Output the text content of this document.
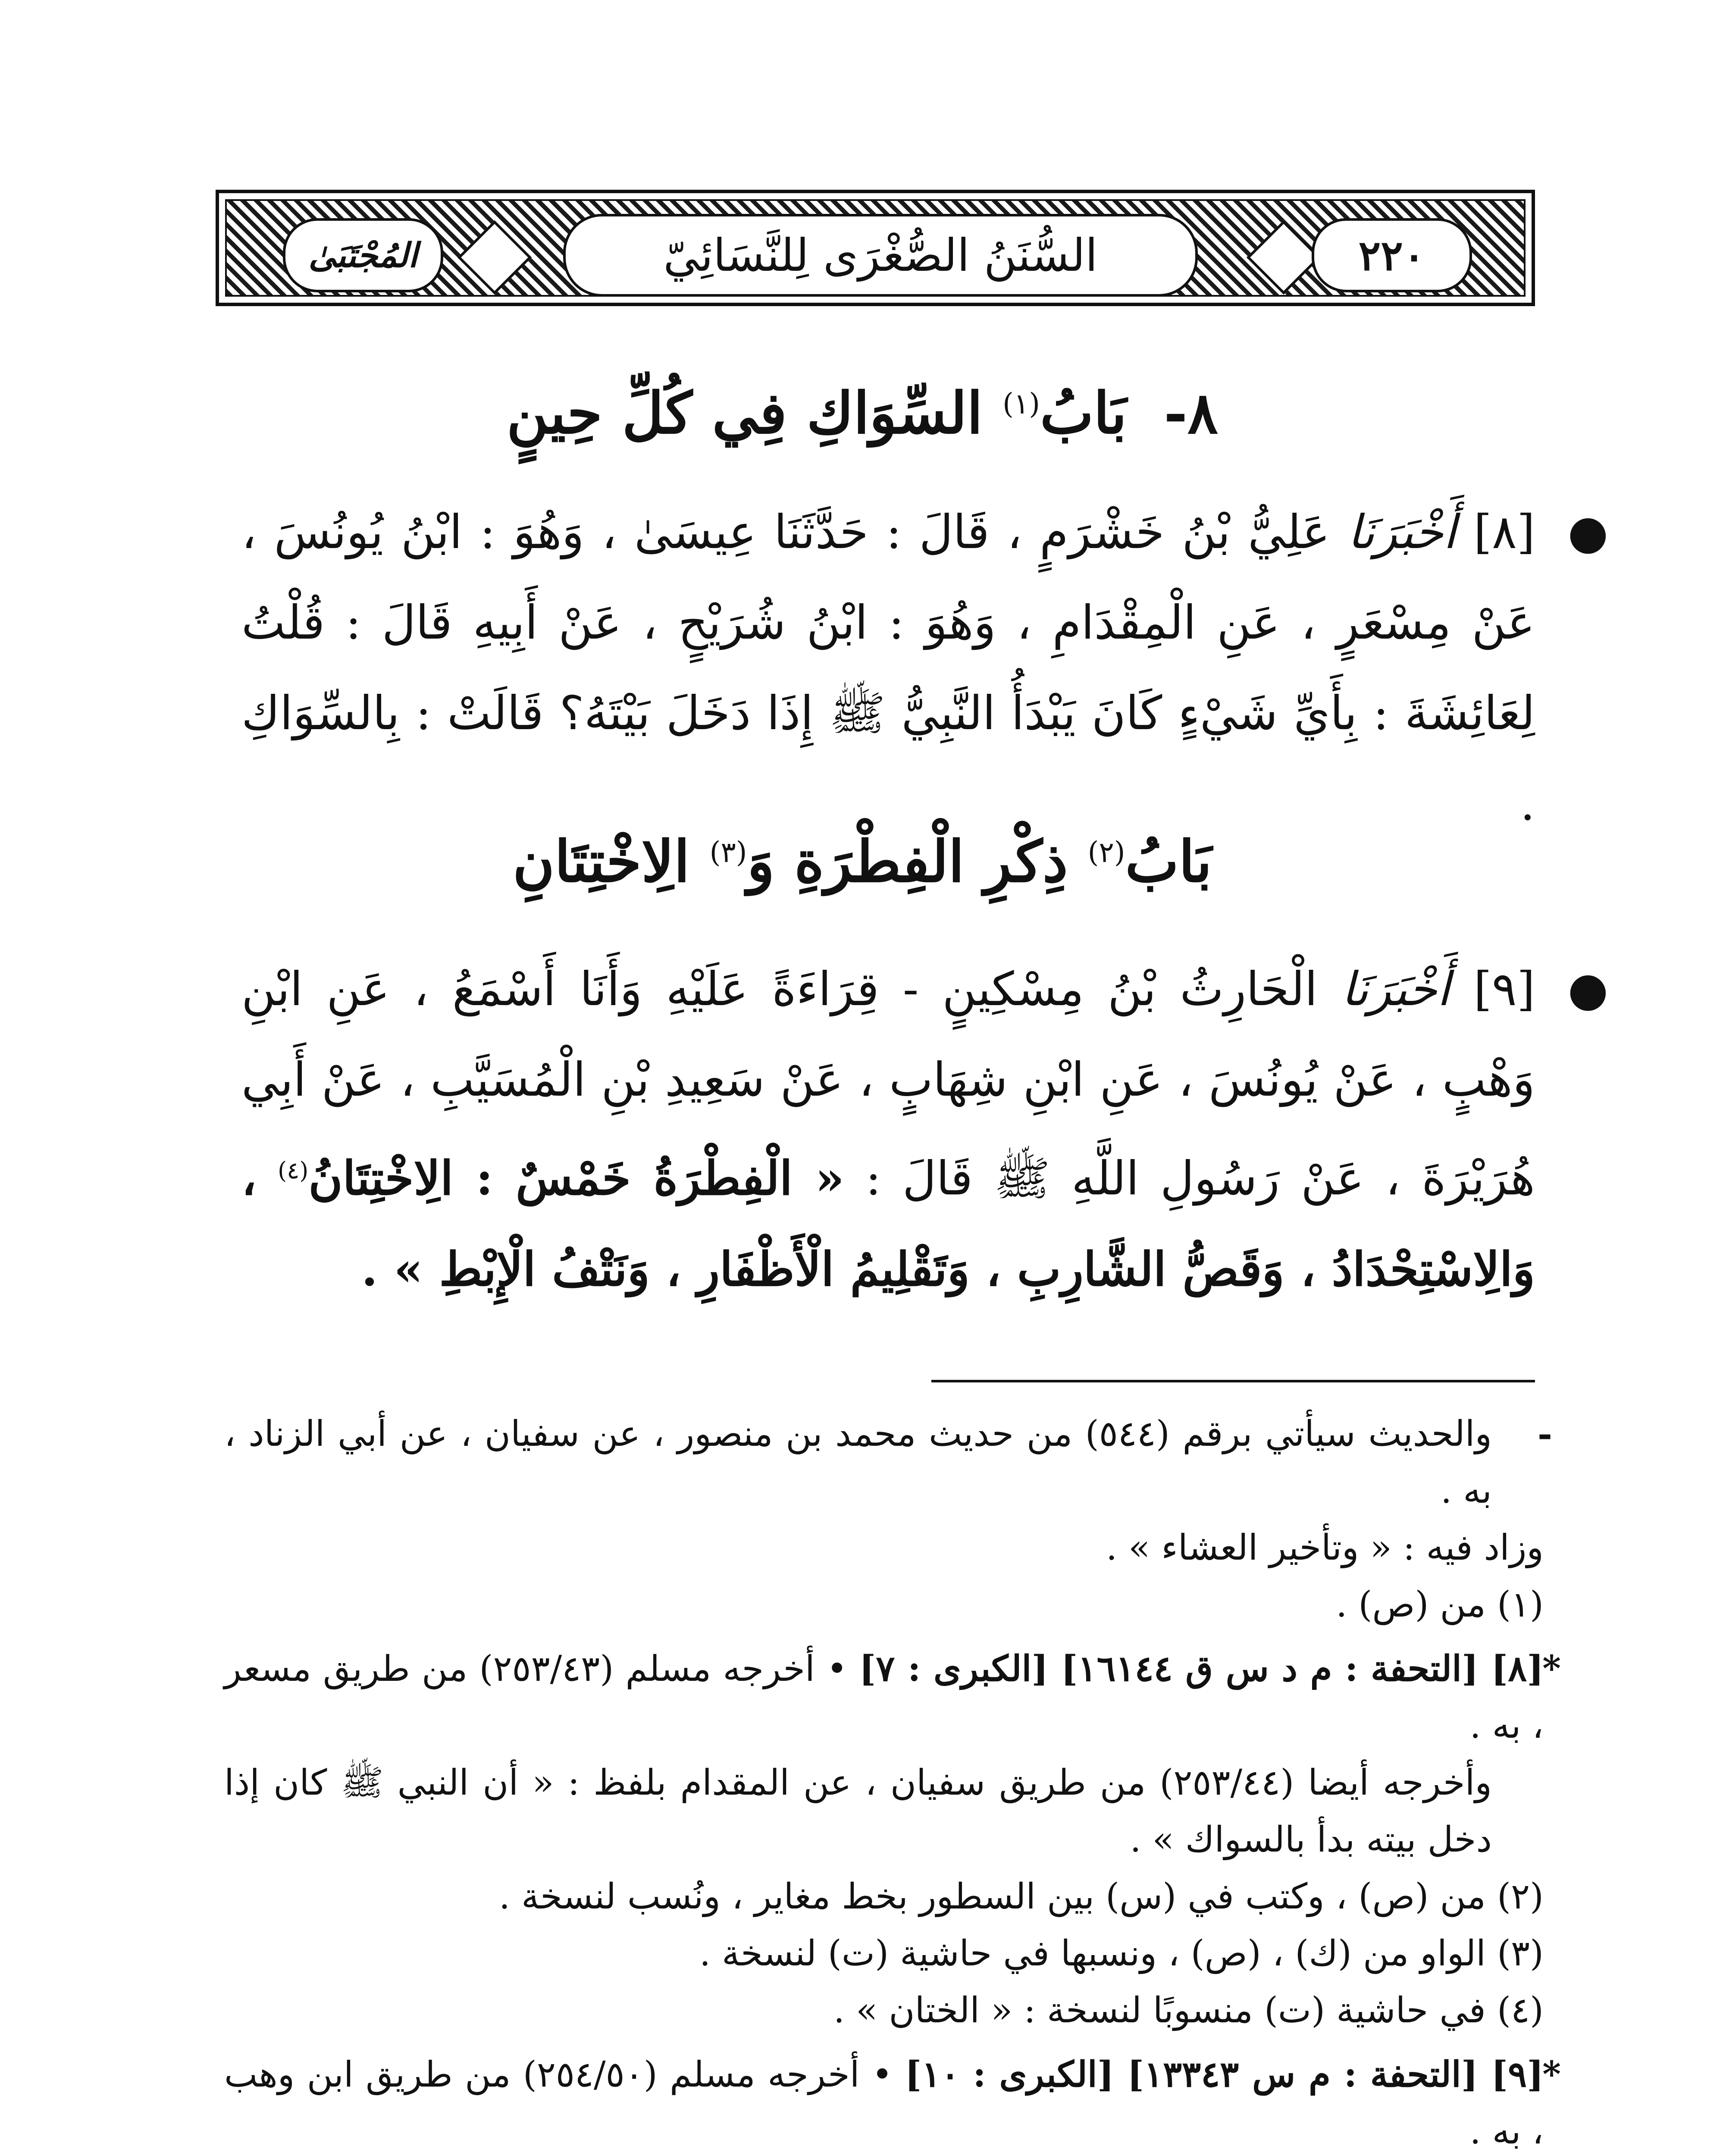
المُجْتَبَىٰ	السُّنَنُ الصُّغْرَى لِلنَّسَائِيّ	٢٢٠
٨- بَابُ$^{(١)}$ السِّوَاكِ فِي كُلِّ حِينٍ
●
[٨] أَخْبَرَنَا عَلِيُّ بْنُ خَشْرَمٍ ، قَالَ : حَدَّثَنَا عِيسَىٰ ، وَهُوَ : ابْنُ يُونُسَ ، عَنْ مِسْعَرٍ ، عَنِ الْمِقْدَامِ ، وَهُوَ : ابْنُ شُرَيْحٍ ، عَنْ أَبِيهِ قَالَ : قُلْتُ لِعَائِشَةَ : بِأَيِّ شَيْءٍ كَانَ يَبْدَأُ النَّبِيُّ ﷺ إِذَا دَخَلَ بَيْتَهُ؟ قَالَتْ : بِالسِّوَاكِ .
بَابُ$^{(٢)}$ ذِكْرِ الْفِطْرَةِ وَ$^{(٣)}$ الِاخْتِتَانِ
●
[٩] أَخْبَرَنَا الْحَارِثُ بْنُ مِسْكِينٍ - قِرَاءَةً عَلَيْهِ وَأَنَا أَسْمَعُ ، عَنِ ابْنِ وَهْبٍ ، عَنْ يُونُسَ ، عَنِ ابْنِ شِهَابٍ ، عَنْ سَعِيدِ بْنِ الْمُسَيَّبِ ، عَنْ أَبِي هُرَيْرَةَ ، عَنْ رَسُولِ اللَّهِ ﷺ قَالَ : « الْفِطْرَةُ خَمْسٌ : الِاخْتِتَانُ$^{(٤)}$ ، وَالِاسْتِحْدَادُ ، وَقَصُّ الشَّارِبِ ، وَتَقْلِيمُ الْأَظْفَارِ ، وَنَتْفُ الْإِبْطِ » .
-
والحديث سيأتي برقم (٥٤٤) من حديث محمد بن منصور ، عن سفيان ، عن أبي الزناد ، به .
وزاد فيه : « وتأخير العشاء » .
(١) من (ص) .
*
[٨] [التحفة : م د س ق ١٦١٤٤] [الكبرى : ٧] • أخرجه مسلم (٢٥٣/٤٣) من طريق مسعر ، به .
وأخرجه أيضا (٢٥٣/٤٤) من طريق سفيان ، عن المقدام بلفظ : « أن النبي ﷺ كان إذا دخل بيته بدأ بالسواك » .
(٢) من (ص) ، وكتب في (س) بين السطور بخط مغاير ، ونُسب لنسخة .
(٣) الواو من (ك) ، (ص) ، ونسبها في حاشية (ت) لنسخة .
(٤) في حاشية (ت) منسوبًا لنسخة : « الختان » .
*
[٩] [التحفة : م س ١٣٣٤٣] [الكبرى : ١٠] • أخرجه مسلم (٢٥٤/٥٠) من طريق ابن وهب ، به .
